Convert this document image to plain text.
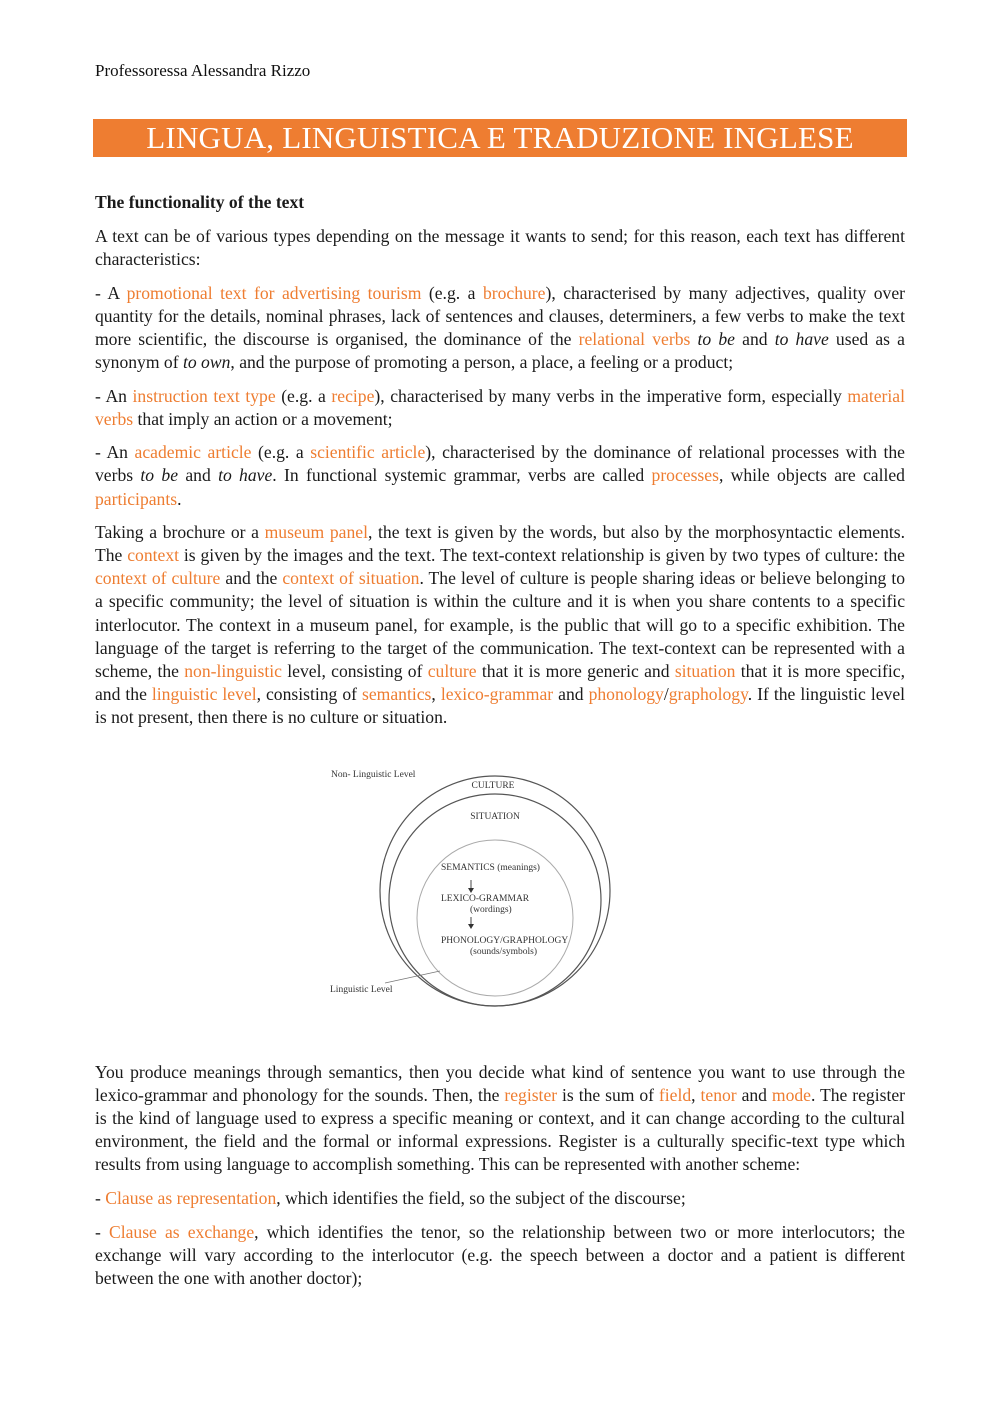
Professoressa Alessandra Rizzo
LINGUA, LINGUISTICA E TRADUZIONE INGLESE

The functionality of the text

A text can be of various types depending on the message it wants to send; for this reason, each text has different characteristics:

- A promotional text for advertising tourism (e.g. a brochure), characterised by many adjectives, quality over quantity for the details, nominal phrases, lack of sentences and clauses, determiners, a few verbs to make the text more scientific, the discourse is organised, the dominance of the relational verbs to be and to have used as a synonym of to own, and the purpose of promoting a person, a place, a feeling or a product;

- An instruction text type (e.g. a recipe), characterised by many verbs in the imperative form, especially material verbs that imply an action or a movement;

- An academic article (e.g. a scientific article), characterised by the dominance of relational processes with the verbs to be and to have. In functional systemic grammar, verbs are called processes, while objects are called participants.

Taking a brochure or a museum panel, the text is given by the words, but also by the morphosyntactic elements. The context is given by the images and the text. The text-context relationship is given by two types of culture: the context of culture and the context of situation. The level of culture is people sharing ideas or believe belonging to a specific community; the level of situation is within the culture and it is when you share contents to a specific interlocutor. The context in a museum panel, for example, is the public that will go to a specific exhibition. The language of the target is referring to the target of the communication. The text-context can be represented with a scheme, the non-linguistic level, consisting of culture that it is more generic and situation that it is more specific, and the linguistic level, consisting of semantics, lexico-grammar and phonology/graphology. If the linguistic level is not present, then there is no culture or situation.

Non- Linguistic Level
CULTURE
SITUATION
SEMANTICS (meanings)
LEXICO-GRAMMAR
(wordings)
PHONOLOGY/GRAPHOLOGY
(sounds/symbols)
Linguistic Level

You produce meanings through semantics, then you decide what kind of sentence you want to use through the lexico-grammar and phonology for the sounds. Then, the register is the sum of field, tenor and mode. The register is the kind of language used to express a specific meaning or context, and it can change according to the cultural environment, the field and the formal or informal expressions. Register is a culturally specific-text type which results from using language to accomplish something. This can be represented with another scheme:

- Clause as representation, which identifies the field, so the subject of the discourse;

- Clause as exchange, which identifies the tenor, so the relationship between two or more interlocutors; the exchange will vary according to the interlocutor (e.g. the speech between a doctor and a patient is different between the one with another doctor);
